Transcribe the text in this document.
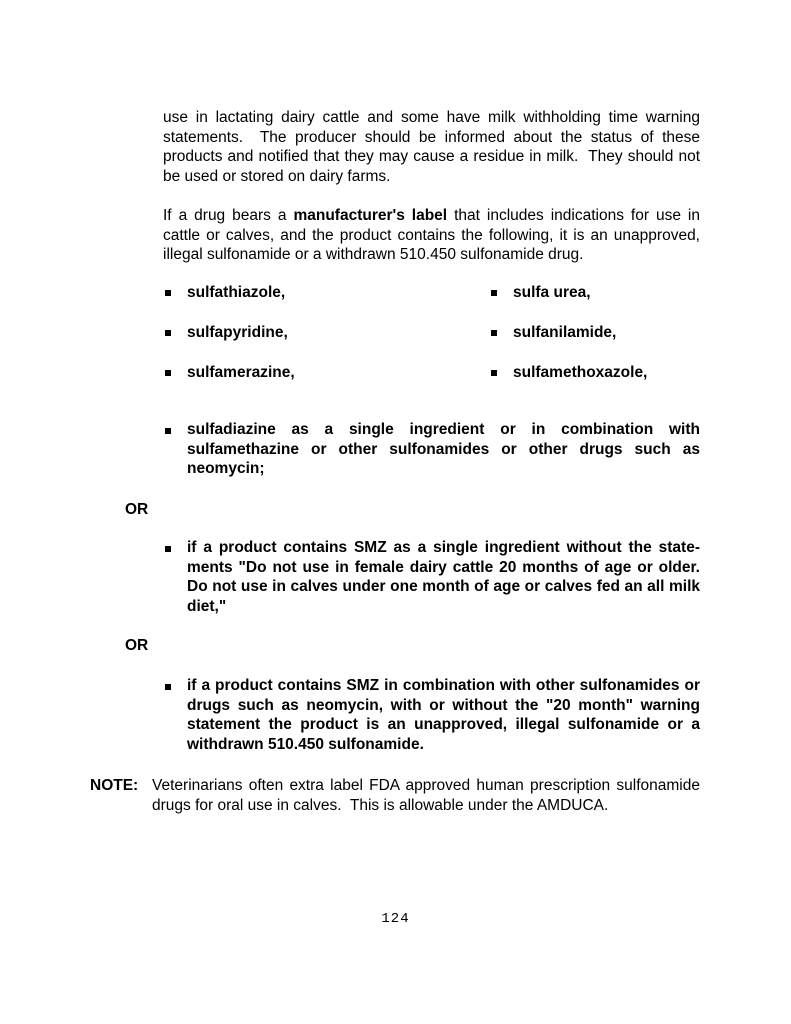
use in lactating dairy cattle and some have milk withholding time warning statements.  The producer should be informed about the status of these products and notified that they may cause a residue in milk.  They should not be used or stored on dairy farms.
If a drug bears a manufacturer's label that includes indications for use in cattle or calves, and the product contains the following, it is an unapproved, illegal sulfonamide or a withdrawn 510.450 sulfonamide drug.
sulfathiazole,
sulfapyridine,
sulfamerazine,
sulfa urea,
sulfanilamide,
sulfamethoxazole,
sulfadiazine as a single ingredient or in combination with sulfamethazine or other sulfonamides or other drugs such as neomycin;
OR
if a product contains SMZ as a single ingredient without the statements "Do not use in female dairy cattle 20 months of age or older. Do not use in calves under one month of age or calves fed an all milk diet,"
OR
if a product contains SMZ in combination with other sulfonamides or drugs such as neomycin, with or without the "20 month" warning statement the product is an unapproved, illegal sulfonamide or a withdrawn 510.450 sulfonamide.
NOTE: Veterinarians often extra label FDA approved human prescription sulfonamide drugs for oral use in calves.  This is allowable under the AMDUCA.
124
